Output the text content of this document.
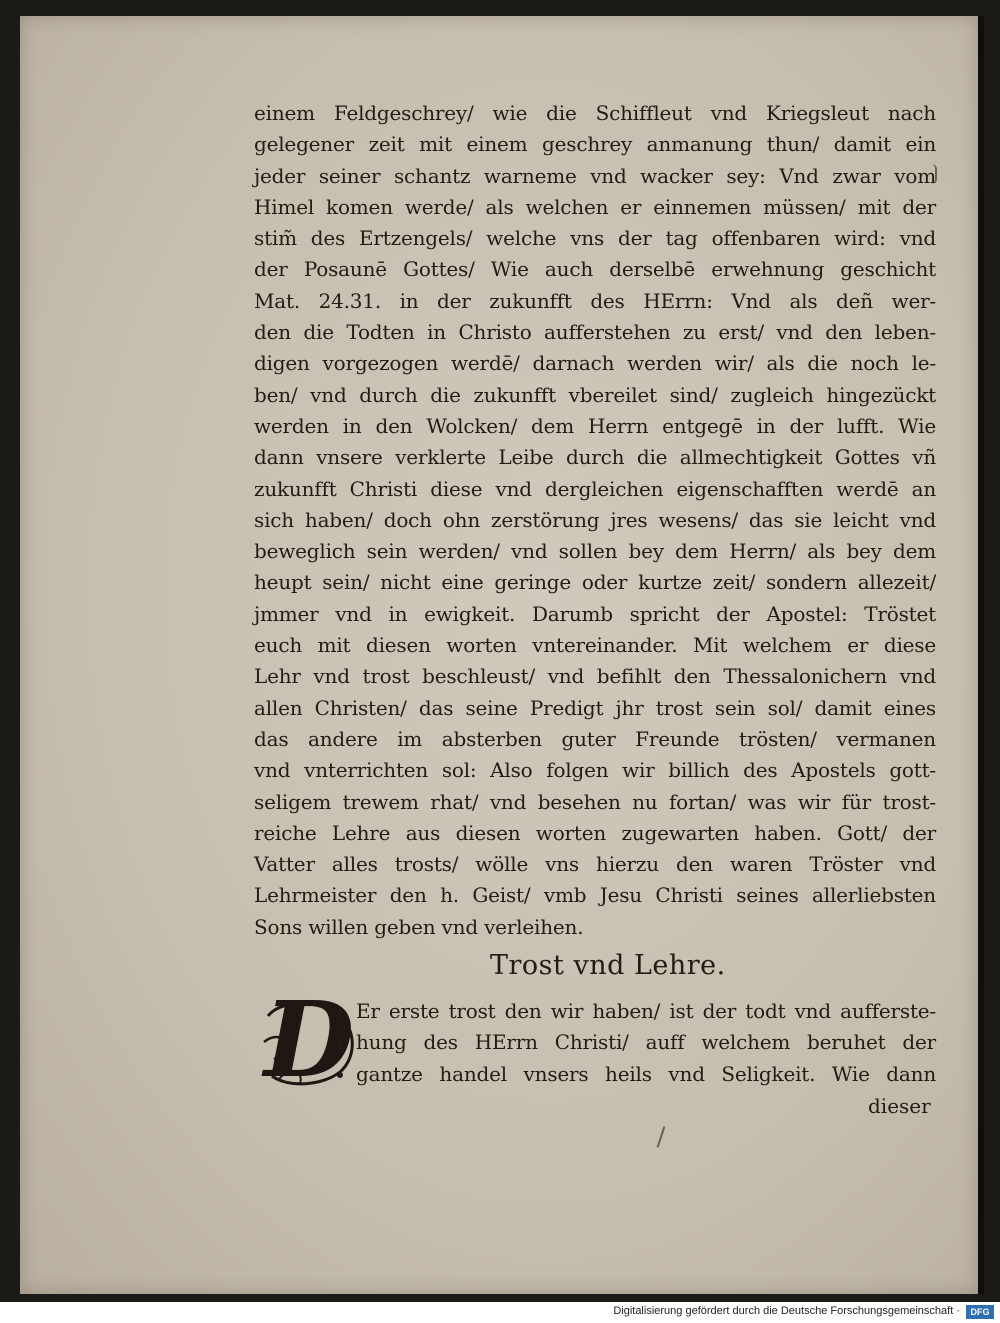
einem Feldgeschrey/ wie die Schiffleut vnd Kriegsleut nach
gelegener zeit mit einem geschrey anmanung thun/ damit ein
jeder seiner schantz warneme vnd wacker sey: Vnd zwar vom
Himel komen werde/ als welchen er einnemen müssen/ mit der
stim̃ des Ertzengels/ welche vns der tag offenbaren wird: vnd
der Posaunē Gottes/ Wie auch derselbē erwehnung geschicht
Mat. 24.31. in der zukunfft des HErrn: Vnd als deñ wer-
den die Todten in Christo aufferstehen zu erst/ vnd den leben-
digen vorgezogen werdē/ darnach werden wir/ als die noch le-
ben/ vnd durch die zukunfft vbereilet sind/ zugleich hingezückt
werden in den Wolcken/ dem Herrn entgegē in der lufft. Wie
dann vnsere verklerte Leibe durch die allmechtigkeit Gottes vñ
zukunfft Christi diese vnd dergleichen eigenschafften werdē an
sich haben/ doch ohn zerstörung jres wesens/ das sie leicht vnd
beweglich sein werden/ vnd sollen bey dem Herrn/ als bey dem
heupt sein/ nicht eine geringe oder kurtze zeit/ sondern allezeit/
jmmer vnd in ewigkeit. Darumb spricht der Apostel: Tröstet
euch mit diesen worten vntereinander. Mit welchem er diese
Lehr vnd trost beschleust/ vnd befihlt den Thessalonichern vnd
allen Christen/ das seine Predigt jhr trost sein sol/ damit eines
das andere im absterben guter Freunde trösten/ vermanen
vnd vnterrichten sol: Also folgen wir billich des Apostels gott-
seligem trewem rhat/ vnd besehen nu fortan/ was wir für trost-
reiche Lehre aus diesen worten zugewarten haben. Gott/ der
Vatter alles trosts/ wölle vns hierzu den waren Tröster vnd
Lehrmeister den h. Geist/ vmb Jesu Christi seines allerliebsten
Sons willen geben vnd verleihen.
Trost vnd Lehre.
D
• Er erste trost den wir haben/ ist der todt vnd aufferste-
• hung des HErrn Christi/ auff welchem beruhet der
• gantze handel vnsers heils vnd Seligkeit. Wie dann
dieser
Digitalisierung gefördert durch die Deutsche Forschungsgemeinschaft ·	DFG
